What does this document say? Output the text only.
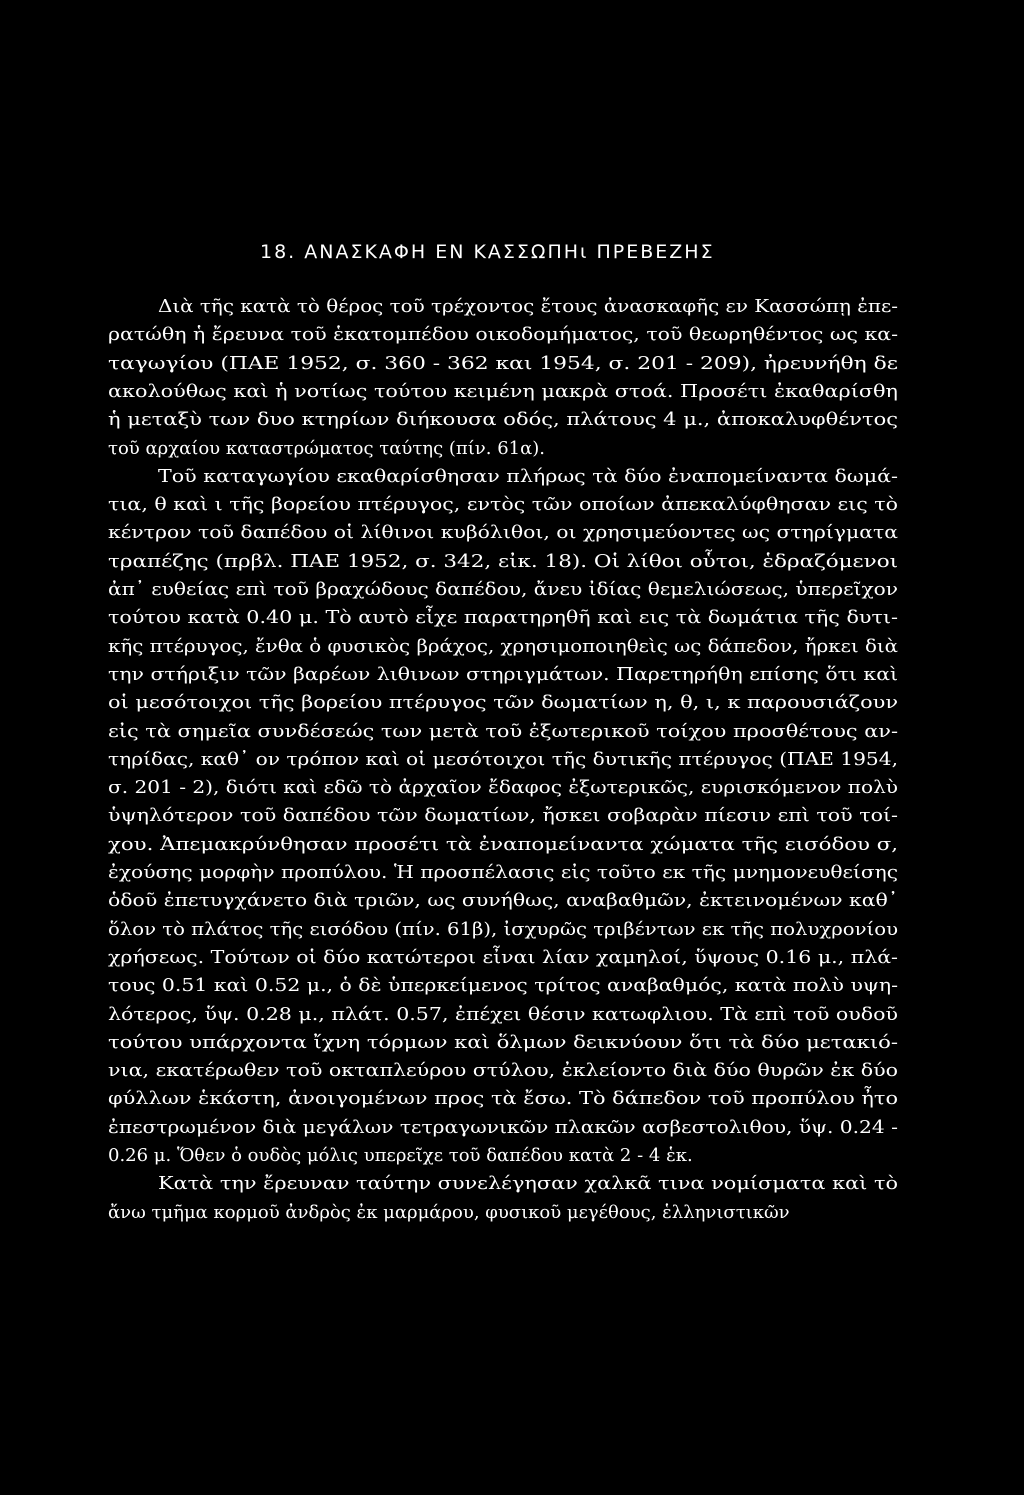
18. ΑΝΑΣΚΑΦΗ ΕΝ ΚΑΣΣΩΠΗι ΠΡΕΒΕΖΗΣ
Διὰ τῆς κατὰ τὸ θέρος τοῦ τρέχοντος ἔτους ἀνασκαφῆς εν Κασσώπῃ ἐπε-
ρατώθη ἡ ἔρευνα τοῦ ἑκατομπέδου οικοδομήματος, τοῦ θεωρηθέντος ως κα-
ταγωγίου (ΠΑΕ 1952, σ. 360 - 362 και 1954, σ. 201 - 209), ἠρευνήθη δε
ακολούθως καὶ ἡ νοτίως τούτου κειμένη μακρὰ στοά. Προσέτι ἐκαθαρίσθη
ἡ μεταξὺ των δυο κτηρίων διήκουσα οδός, πλάτους 4 μ., ἀποκαλυφθέντος
τοῦ αρχαίου καταστρώματος ταύτης (πίν. 61α).
Τοῦ καταγωγίου εκαθαρίσθησαν πλήρως τὰ δύο ἐναπομείναντα δωμά-
τια, θ καὶ ι τῆς βορείου πτέρυγος, εντὸς τῶν οποίων ἀπεκαλύφθησαν εις τὸ
κέντρον τοῦ δαπέδου οἱ λίθινοι κυβόλιθοι, οι χρησιμεύοντες ως στηρίγματα
τραπέζης (πρβλ. ΠΑΕ 1952, σ. 342, εἰκ. 18). Οἱ λίθοι οὗτοι, ἑδραζόμενοι
ἀπ᾽ ευθείας επὶ τοῦ βραχώδους δαπέδου, ἄνευ ἰδίας θεμελιώσεως, ὑπερεῖχον
τούτου κατὰ 0.40 μ. Τὸ αυτὸ εἶχε παρατηρηθῆ καὶ εις τὰ δωμάτια τῆς δυτι-
κῆς πτέρυγος, ἔνθα ὁ φυσικὸς βράχος, χρησιμοποιηθεὶς ως δάπεδον, ἤρκει διὰ
την στήριξιν τῶν βαρέων λιθινων στηριγμάτων. Παρετηρήθη επίσης ὅτι καὶ
οἱ μεσότοιχοι τῆς βορείου πτέρυγος τῶν δωματίων η, θ, ι, κ παρουσιάζουν
εἰς τὰ σημεῖα συνδέσεώς των μετὰ τοῦ ἐξωτερικοῦ τοίχου προσθέτους αν-
τηρίδας, καθ᾽ ον τρόπον καὶ οἱ μεσότοιχοι τῆς δυτικῆς πτέρυγος (ΠΑΕ 1954,
σ. 201 - 2), διότι καὶ εδῶ τὸ ἀρχαῖον ἔδαφος ἐξωτερικῶς, ευρισκόμενον πολὺ
ὑψηλότερον τοῦ δαπέδου τῶν δωματίων, ἤσκει σοβαρὰν πίεσιν επὶ τοῦ τοί-
χου. Ἀπεμακρύνθησαν προσέτι τὰ ἐναπομείναντα χώματα τῆς εισόδου σ,
ἐχούσης μορφὴν προπύλου. Ἡ προσπέλασις εἰς τοῦτο εκ τῆς μνημονευθείσης
ὁδοῦ ἐπετυγχάνετο διὰ τριῶν, ως συνήθως, αναβαθμῶν, ἐκτεινομένων καθ᾽
ὅλον τὸ πλάτος τῆς εισόδου (πίν. 61β), ἰσχυρῶς τριβέντων εκ τῆς πολυχρονίου
χρήσεως. Τούτων οἱ δύο κατώτεροι εἶναι λίαν χαμηλοί, ὕψους 0.16 μ., πλά-
τους 0.51 καὶ 0.52 μ., ὁ δὲ ὑπερκείμενος τρίτος αναβαθμός, κατὰ πολὺ υψη-
λότερος, ὕψ. 0.28 μ., πλάτ. 0.57, ἐπέχει θέσιν κατωφλιου. Τὰ επὶ τοῦ ουδοῦ
τούτου υπάρχοντα ἴχνη τόρμων καὶ ὅλμων δεικνύουν ὅτι τὰ δύο μετακιό-
νια, εκατέρωθεν τοῦ οκταπλεύρου στύλου, ἐκλείοντο διὰ δύο θυρῶν ἐκ δύο
φύλλων ἑκάστη, ἀνοιγομένων προς τὰ ἔσω. Τὸ δάπεδον τοῦ προπύλου ἦτο
ἐπεστρωμένον διὰ μεγάλων τετραγωνικῶν πλακῶν ασβεστολιθου, ὕψ. 0.24 -
0.26 μ. Ὅθεν ὁ ουδὸς μόλις υπερεῖχε τοῦ δαπέδου κατὰ 2 - 4 ἑκ.
Κατὰ την ἔρευναν ταύτην συνελέγησαν χαλκᾶ τινα νομίσματα καὶ τὸ
ἄνω τμῆμα κορμοῦ ἀνδρὸς ἐκ μαρμάρου, φυσικοῦ μεγέθους, ἑλληνιστικῶν
